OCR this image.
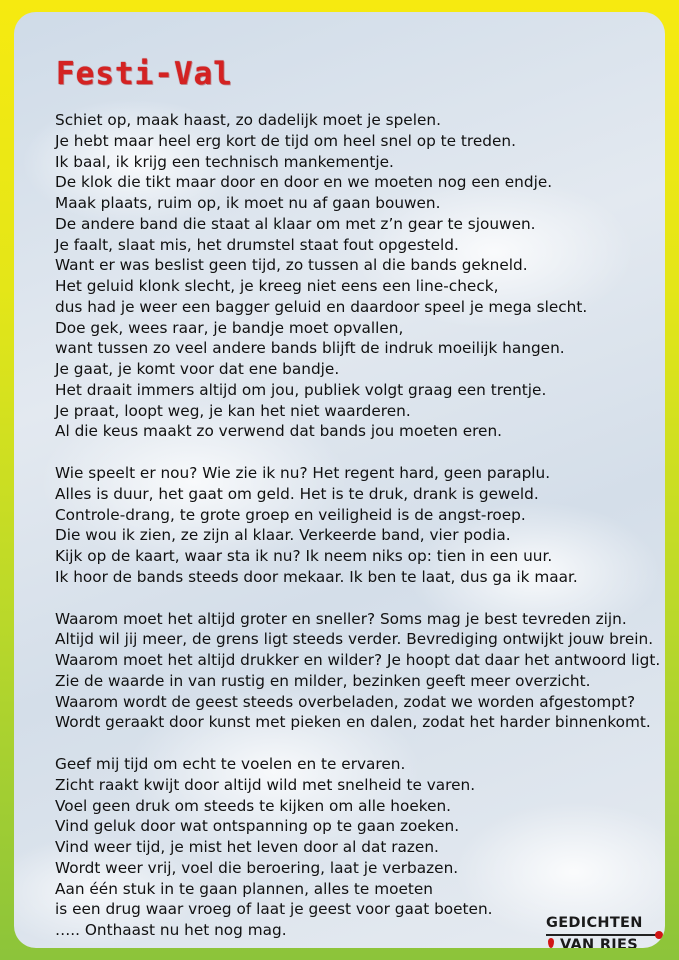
Festi-Val
Schiet op, maak haast, zo dadelijk moet je spelen.
Je hebt maar heel erg kort de tijd om heel snel op te treden.
Ik baal, ik krijg een technisch mankementje.
De klok die tikt maar door en door en we moeten nog een endje.
Maak plaats, ruim op, ik moet nu af gaan bouwen.
De andere band die staat al klaar om met z’n gear te sjouwen.
Je faalt, slaat mis, het drumstel staat fout opgesteld.
Want er was beslist geen tijd, zo tussen al die bands gekneld.
Het geluid klonk slecht, je kreeg niet eens een line-check,
dus had je weer een bagger geluid en daardoor speel je mega slecht.
Doe gek, wees raar, je bandje moet opvallen,
want tussen zo veel andere bands blijft de indruk moeilijk hangen.
Je gaat, je komt voor dat ene bandje.
Het draait immers altijd om jou, publiek volgt graag een trentje.
Je praat, loopt weg, je kan het niet waarderen.
Al die keus maakt zo verwend dat bands jou moeten eren.
Wie speelt er nou? Wie zie ik nu? Het regent hard, geen paraplu.
Alles is duur, het gaat om geld. Het is te druk, drank is geweld.
Controle-drang, te grote groep en veiligheid is de angst-roep.
Die wou ik zien, ze zijn al klaar. Verkeerde band, vier podia.
Kijk op de kaart, waar sta ik nu? Ik neem niks op: tien in een uur.
Ik hoor de bands steeds door mekaar. Ik ben te laat, dus ga ik maar.
Waarom moet het altijd groter en sneller? Soms mag je best tevreden zijn.
Altijd wil jij meer, de grens ligt steeds verder. Bevrediging ontwijkt jouw brein.
Waarom moet het altijd drukker en wilder? Je hoopt dat daar het antwoord ligt.
Zie de waarde in van rustig en milder, bezinken geeft meer overzicht.
Waarom wordt de geest steeds overbeladen, zodat we worden afgestompt?
Wordt geraakt door kunst met pieken en dalen, zodat het harder binnenkomt.
Geef mij tijd om echt te voelen en te ervaren.
Zicht raakt kwijt door altijd wild met snelheid te varen.
Voel geen druk om steeds te kijken om alle hoeken.
Vind geluk door wat ontspanning op te gaan zoeken.
Vind weer tijd, je mist het leven door al dat razen.
Wordt weer vrij, voel die beroering, laat je verbazen.
Aan één stuk in te gaan plannen, alles te moeten
is een drug waar vroeg of laat je geest voor gaat boeten.
….. Onthaast nu het nog mag.	GEDICHTEN
VAN RIES
